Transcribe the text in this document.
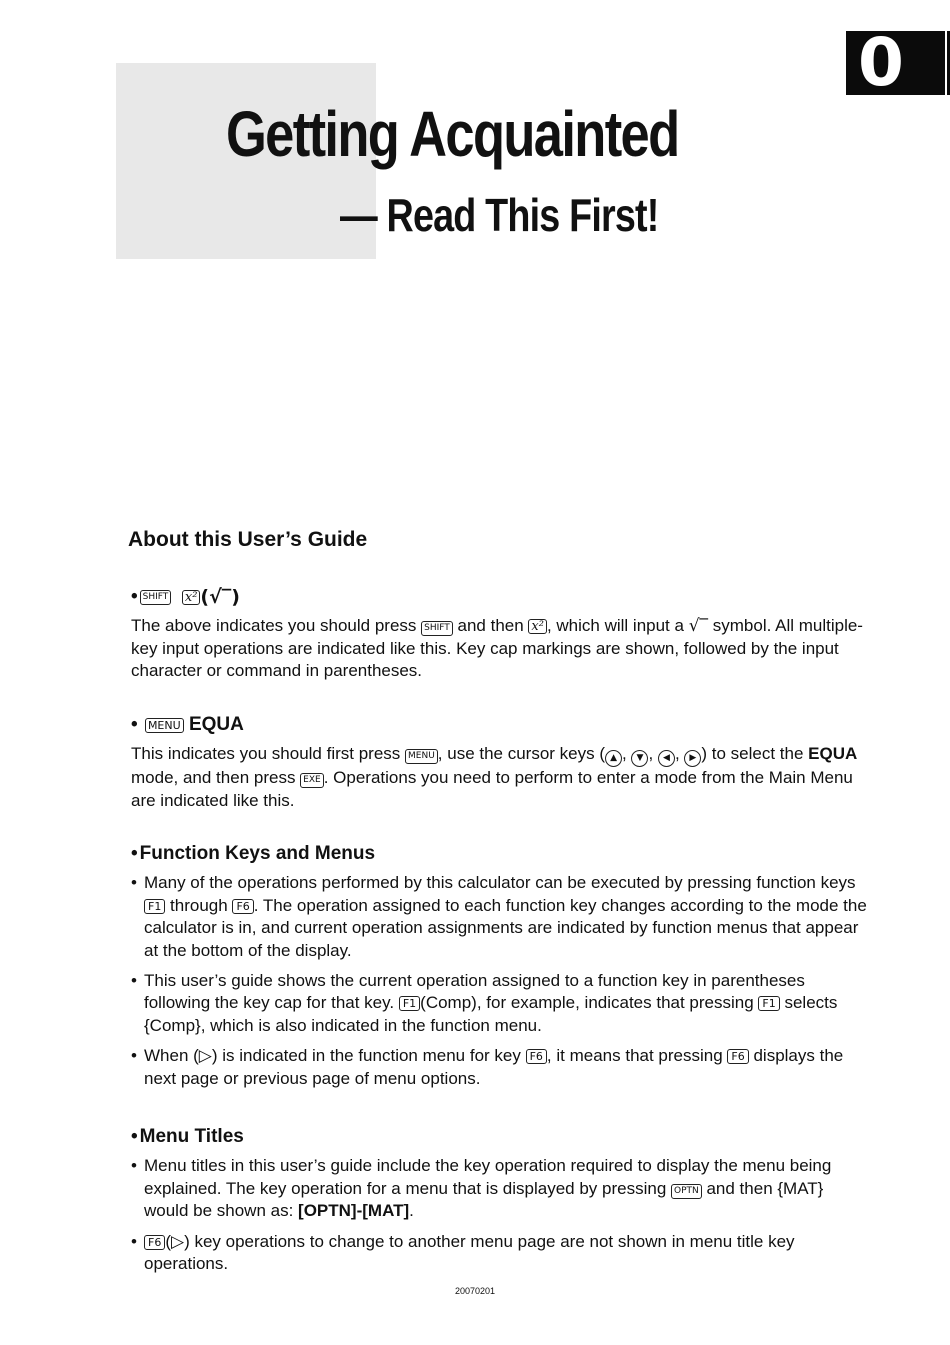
0
Getting Acquainted
— Read This First!
About this User’s Guide
• SHIFT
x² (√‾)

The above indicates you should press SHIFT and then x² , which will input a √‾ symbol. All multiple-key input operations are indicated like this. Key cap markings are shown, followed by the input character or command in parentheses.

•
MENU
EQUA

This indicates you should first press MENU , use the cursor keys ( ▲ , ▼ , ◀ , ▶ ) to select the EQUA mode, and then press EXE . Operations you need to perform to enter a mode from the Main Menu are indicated like this.

• Function Keys and Menus
• Many of the operations performed by this calculator can be executed by pressing function keys F1 through F6 . The operation assigned to each function key changes according to the mode the calculator is in, and current operation assignments are indicated by function menus that appear at the bottom of the display.
• This user’s guide shows the current operation assigned to a function key in parentheses following the key cap for that key. F1 (Comp), for example, indicates that pressing F1 selects {Comp}, which is also indicated in the function menu.
• When (▷) is indicated in the function menu for key F6 , it means that pressing F6 displays the next page or previous page of menu options.
• Menu Titles
• Menu titles in this user’s guide include the key operation required to display the menu being explained. The key operation for a menu that is displayed by pressing OPTN and then {MAT} would be shown as: [OPTN]-[MAT].
• F6 (▷) key operations to change to another menu page are not shown in menu title key operations.
20070201
